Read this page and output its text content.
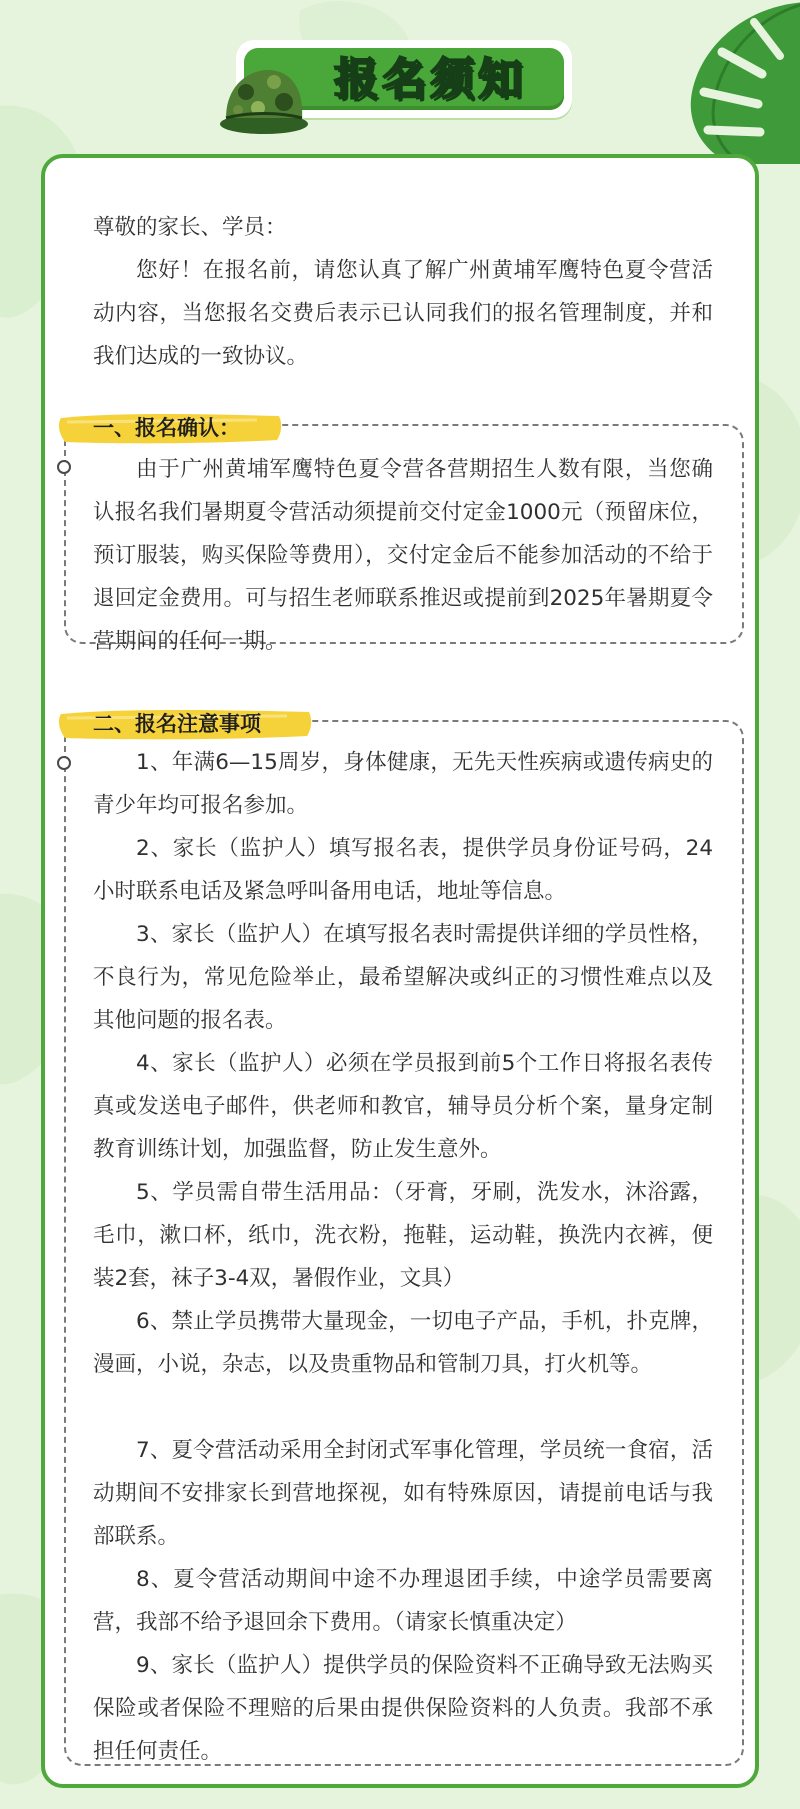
报名须知

尊敬的家长、学员：

您好！在报名前，请您认真了解广州黄埔军鹰特色夏令营活动内容，当您报名交费后表示已认同我们的报名管理制度，并和我们达成的一致协议。

一、报名确认：

由于广州黄埔军鹰特色夏令营各营期招生人数有限，当您确认报名我们暑期夏令营活动须提前交付定金1000元（预留床位，预订服装，购买保险等费用），交付定金后不能参加活动的不给于退回定金费用。可与招生老师联系推迟或提前到2025年暑期夏令营期间的任何一期。

二、报名注意事项

1、年满6—15周岁，身体健康，无先天性疾病或遗传病史的青少年均可报名参加。

2、家长（监护人）填写报名表，提供学员身份证号码，24小时联系电话及紧急呼叫备用电话，地址等信息。

3、家长（监护人）在填写报名表时需提供详细的学员性格，不良行为，常见危险举止，最希望解决或纠正的习惯性难点以及其他问题的报名表。

4、家长（监护人）必须在学员报到前5个工作日将报名表传真或发送电子邮件，供老师和教官，辅导员分析个案，量身定制教育训练计划，加强监督，防止发生意外。

5、学员需自带生活用品：（牙膏，牙刷，洗发水，沐浴露，毛巾，漱口杯，纸巾，洗衣粉，拖鞋，运动鞋，换洗内衣裤，便装2套，袜子3-4双，暑假作业，文具）

6、禁止学员携带大量现金，一切电子产品，手机，扑克牌，漫画，小说，杂志，以及贵重物品和管制刀具，打火机等。

7、夏令营活动采用全封闭式军事化管理，学员统一食宿，活动期间不安排家长到营地探视，如有特殊原因，请提前电话与我部联系。

8、夏令营活动期间中途不办理退团手续，中途学员需要离营，我部不给予退回余下费用。（请家长慎重决定）

9、家长（监护人）提供学员的保险资料不正确导致无法购买保险或者保险不理赔的后果由提供保险资料的人负责。我部不承担任何责任。
